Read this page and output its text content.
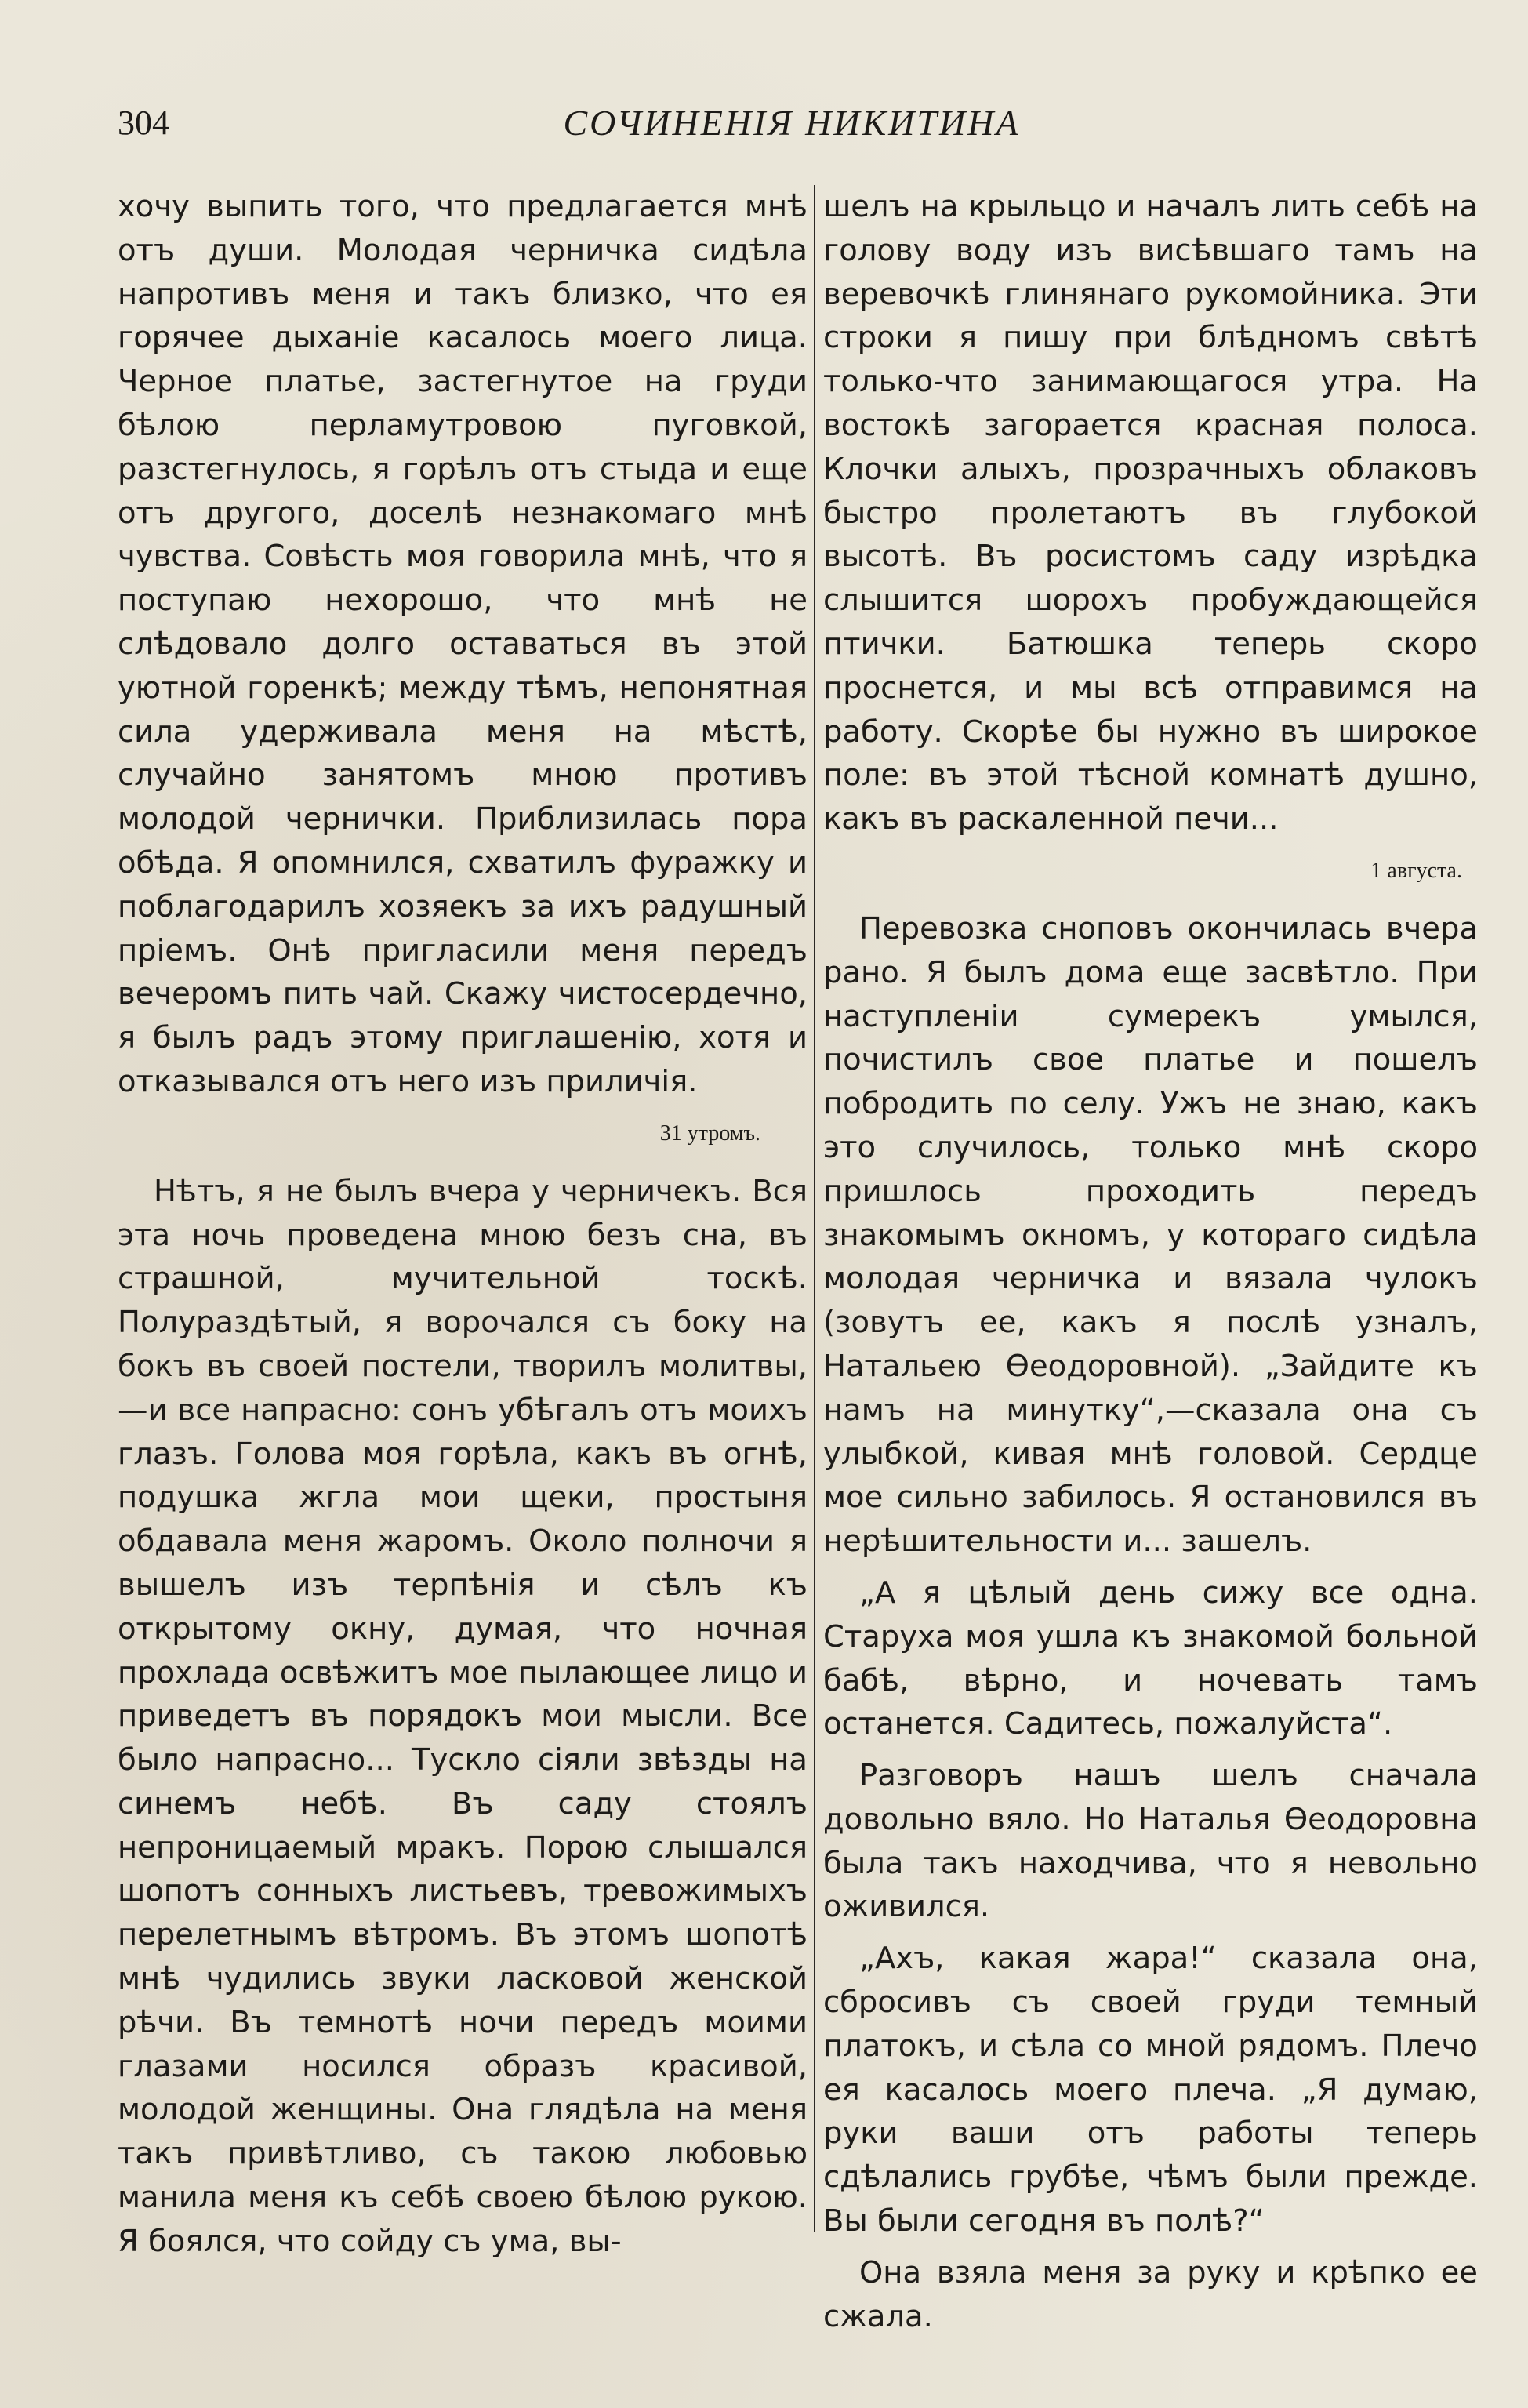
304	СОЧИНЕНІЯ НИКИТИНА

хочу выпить того, что предлагается мнѣ отъ души. Молодая черничка сидѣла напротивъ меня и такъ близко, что ея горячее дыханіе касалось моего лица. Черное платье, застегнутое на груди бѣлою перламутровою пуговкой, разстегнулось, я горѣлъ отъ стыда и еще отъ другого, доселѣ незнакомаго мнѣ чувства. Совѣсть моя говорила мнѣ, что я поступаю нехорошо, что мнѣ не слѣдовало долго оставаться въ этой уютной горенкѣ; между тѣмъ, непонятная сила удерживала меня на мѣстѣ, случайно занятомъ мною противъ молодой чернички. Приблизилась пора обѣда. Я опомнился, схватилъ фуражку и поблагодарилъ хозяекъ за ихъ радушный пріемъ. Онѣ пригласили меня передъ вечеромъ пить чай. Скажу чистосердечно, я былъ радъ этому приглашенію, хотя и отказывался отъ него изъ приличія.

31 утромъ.

Нѣтъ, я не былъ вчера у черничекъ. Вся эта ночь проведена мною безъ сна, въ страшной, мучительной тоскѣ. Полураздѣтый, я ворочался съ боку на бокъ въ своей постели, творилъ молитвы,—и все напрасно: сонъ убѣгалъ отъ моихъ глазъ. Голова моя горѣла, какъ въ огнѣ, подушка жгла мои щеки, простыня обдавала меня жаромъ. Около полночи я вышелъ изъ терпѣнія и сѣлъ къ открытому окну, думая, что ночная прохлада освѣжитъ мое пылающее лицо и приведетъ въ порядокъ мои мысли. Все было напрасно... Тускло сіяли звѣзды на синемъ небѣ. Въ саду стоялъ непроницаемый мракъ. Порою слышался шопотъ сонныхъ листьевъ, тревожимыхъ перелетнымъ вѣтромъ. Въ этомъ шопотѣ мнѣ чудились звуки ласковой женской рѣчи. Въ темнотѣ ночи передъ моими глазами носился образъ красивой, молодой женщины. Она глядѣла на меня такъ привѣтливо, съ такою любовью манила меня къ себѣ своею бѣлою рукою. Я боялся, что сойду съ ума, вы-

шелъ на крыльцо и началъ лить себѣ на голову воду изъ висѣвшаго тамъ на веревочкѣ глинянаго рукомойника. Эти строки я пишу при блѣдномъ свѣтѣ только-что занимающагося утра. На востокѣ загорается красная полоса. Клочки алыхъ, прозрачныхъ облаковъ быстро пролетаютъ въ глубокой высотѣ. Въ росистомъ саду изрѣдка слышится шорохъ пробуждающейся птички. Батюшка теперь скоро проснется, и мы всѣ отправимся на работу. Скорѣе бы нужно въ широкое поле: въ этой тѣсной комнатѣ душно, какъ въ раскаленной печи...

1 августа.

Перевозка сноповъ окончилась вчера рано. Я былъ дома еще засвѣтло. При наступленіи сумерекъ умылся, почистилъ свое платье и пошелъ побродить по селу. Ужъ не знаю, какъ это случилось, только мнѣ скоро пришлось проходить передъ знакомымъ окномъ, у котораго сидѣла молодая черничка и вязала чулокъ (зовутъ ее, какъ я послѣ узналъ, Натальею Ѳеодоровной). „Зайдите къ намъ на минутку“,—сказала она съ улыбкой, кивая мнѣ головой. Сердце мое сильно забилось. Я остановился въ нерѣшительности и... зашелъ.

„А я цѣлый день сижу все одна. Старуха моя ушла къ знакомой больной бабѣ, вѣрно, и ночевать тамъ останется. Садитесь, пожалуйста“.

Разговоръ нашъ шелъ сначала довольно вяло. Но Наталья Ѳеодоровна была такъ находчива, что я невольно оживился.

„Ахъ, какая жара!“ сказала она, сбросивъ съ своей груди темный платокъ, и сѣла со мной рядомъ. Плечо ея касалось моего плеча. „Я думаю, руки ваши отъ работы теперь сдѣлались грубѣе, чѣмъ были прежде. Вы были сегодня въ полѣ?“

Она взяла меня за руку и крѣпко ее сжала.
